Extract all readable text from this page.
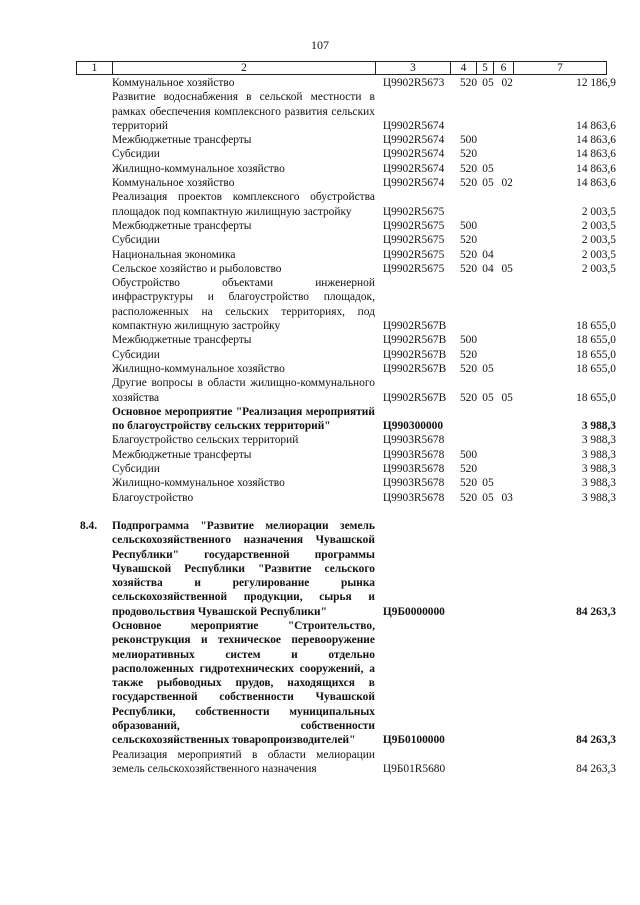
107
1	2	3	4	5	6	7
	Коммунальное хозяйство	Ц9902R5673	520	05	02	12 186,9
	Развитие водоснабжения в сельской местности в рамках обеспечения комплексного развития сельских территорий	Ц9902R5674				14 863,6
	Межбюджетные трансферты	Ц9902R5674	500			14 863,6
	Субсидии	Ц9902R5674	520			14 863,6
	Жилищно-коммунальное хозяйство	Ц9902R5674	520	05		14 863,6
	Коммунальное хозяйство	Ц9902R5674	520	05	02	14 863,6
	Реализация проектов комплексного обустройства площадок под компактную жилищную застройку	Ц9902R5675				2 003,5
	Межбюджетные трансферты	Ц9902R5675	500			2 003,5
	Субсидии	Ц9902R5675	520			2 003,5
	Национальная экономика	Ц9902R5675	520	04		2 003,5
	Сельское хозяйство и рыболовство	Ц9902R5675	520	04	05	2 003,5
	Обустройство объектами инженерной инфраструктуры и благоустройство площадок, расположенных на сельских территориях, под компактную жилищную застройку	Ц9902R567B				18 655,0
	Межбюджетные трансферты	Ц9902R567B	500			18 655,0
	Субсидии	Ц9902R567B	520			18 655,0
	Жилищно-коммунальное хозяйство	Ц9902R567B	520	05		18 655,0
	Другие вопросы в области жилищно-коммунального хозяйства	Ц9902R567B	520	05	05	18 655,0
	Основное мероприятие "Реализация мероприятий по благоустройству сельских территорий"	Ц990300000				3 988,3
	Благоустройство сельских территорий	Ц9903R5678				3 988,3
	Межбюджетные трансферты	Ц9903R5678	500			3 988,3
	Субсидии	Ц9903R5678	520			3 988,3
	Жилищно-коммунальное хозяйство	Ц9903R5678	520	05		3 988,3
	Благоустройство	Ц9903R5678	520	05	03	3 988,3

	8.4. Подпрограмма "Развитие мелиорации земель сельскохозяйственного назначения Чувашской Республики" государственной программы Чувашской Республики "Развитие сельского хозяйства и регулирование рынка сельскохозяйственной продукции, сырья и продовольствия Чувашской Республики"	Ц9Б0000000				84 263,3
	Основное мероприятие "Строительство, реконструкция и техническое перевооружение мелиоративных систем и отдельно расположенных гидротехнических сооружений, а также рыбоводных прудов, находящихся в государственной собственности Чувашской Республики, собственности муниципальных образований, собственности сельскохозяйственных товаропроизводителей"	Ц9Б0100000				84 263,3
	Реализация мероприятий в области мелиорации земель сельскохозяйственного назначения	Ц9Б01R5680				84 263,3
